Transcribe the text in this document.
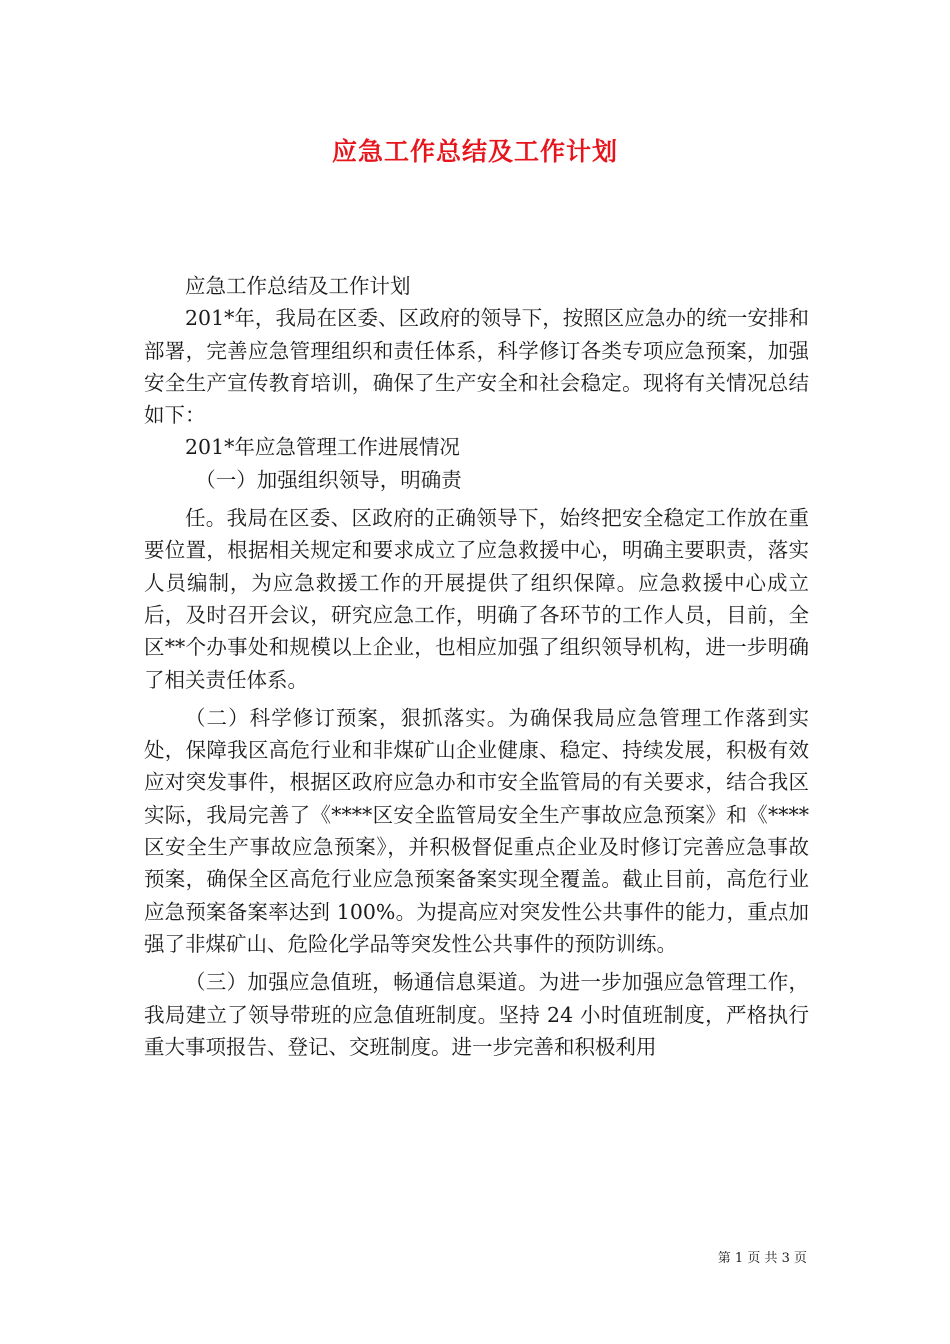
应急工作总结及工作计划

应急工作总结及工作计划

201*年，我局在区委、区政府的领导下，按照区应急办的统一安排和部署，完善应急管理组织和责任体系，科学修订各类专项应急预案，加强安全生产宣传教育培训，确保了生产安全和社会稳定。现将有关情况总结如下：

201*年应急管理工作进展情况

（一）加强组织领导，明确责

任。我局在区委、区政府的正确领导下，始终把安全稳定工作放在重要位置，根据相关规定和要求成立了应急救援中心，明确主要职责，落实人员编制，为应急救援工作的开展提供了组织保障。应急救援中心成立后，及时召开会议，研究应急工作，明确了各环节的工作人员，目前，全区**个办事处和规模以上企业，也相应加强了组织领导机构，进一步明确了相关责任体系。

（二）科学修订预案，狠抓落实。为确保我局应急管理工作落到实处，保障我区高危行业和非煤矿山企业健康、稳定、持续发展，积极有效应对突发事件，根据区政府应急办和市安全监管局的有关要求，结合我区实际，我局完善了《****区安全监管局安全生产事故应急预案》和《****区安全生产事故应急预案》，并积极督促重点企业及时修订完善应急事故预案，确保全区高危行业应急预案备案实现全覆盖。截止目前，高危行业应急预案备案率达到 100%。为提高应对突发性公共事件的能力，重点加强了非煤矿山、危险化学品等突发性公共事件的预防训练。

（三）加强应急值班，畅通信息渠道。为进一步加强应急管理工作，我局建立了领导带班的应急值班制度。坚持 24 小时值班制度，严格执行重大事项报告、登记、交班制度。进一步完善和积极利用

第 1 页 共 3 页
